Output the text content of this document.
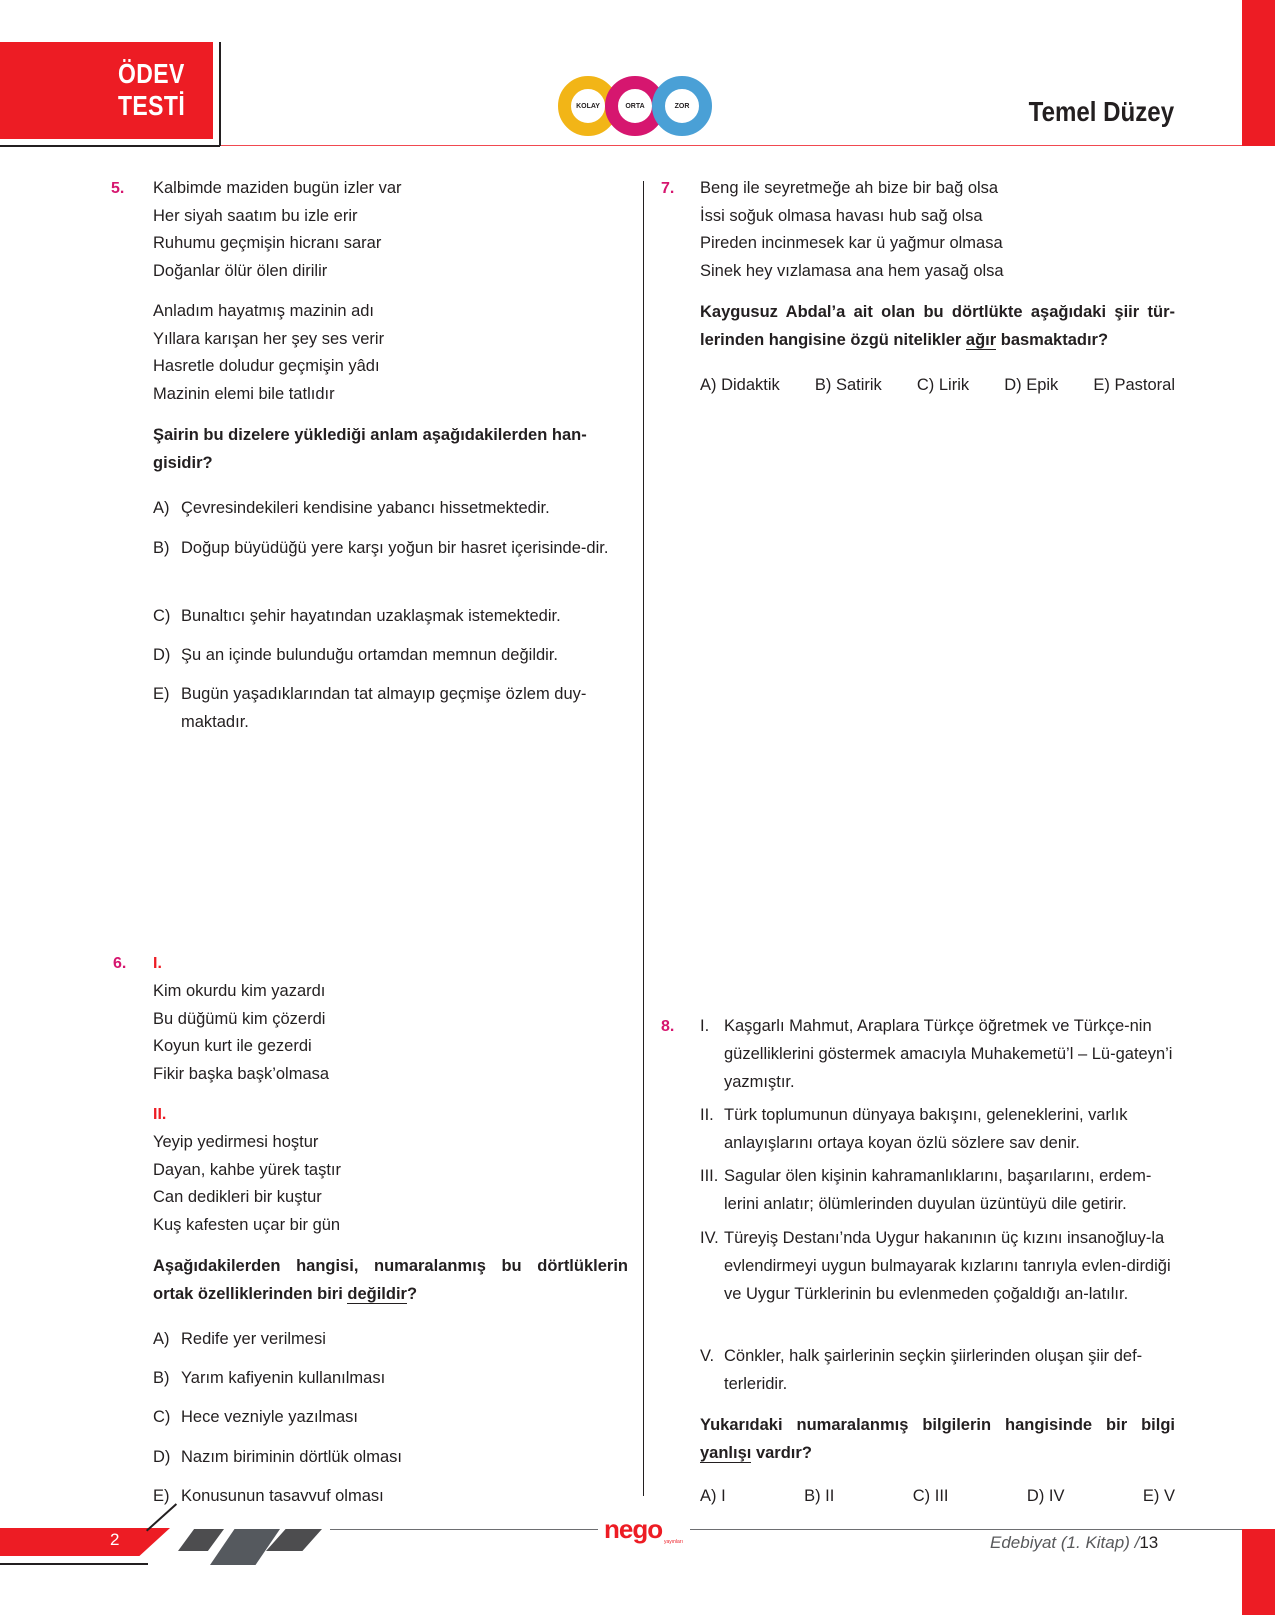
ÖDEV
TESTİ	KOLAY	ORTA	ZOR	Temel Düzey
5. Kalbimde maziden bugün izler var
Her siyah saatım bu izle erir
Ruhumu geçmişin hicranı sarar
Doğanlar ölür ölen dirilir
Anladım hayatmış mazinin adı
Yıllara karışan her şey ses verir
Hasretle doludur geçmişin yâdı
Mazinin elemi bile tatlıdır
Şairin bu dizelere yüklediği anlam aşağıdakilerden han-
gisidir?
A) Çevresindekileri kendisine yabancı hissetmektedir.
B) Doğup büyüdüğü yere karşı yoğun bir hasret içerisinde-dir.
C) Bunaltıcı şehir hayatından uzaklaşmak istemektedir.
D) Şu an içinde bulunduğu ortamdan memnun değildir.
E) Bugün yaşadıklarından tat almayıp geçmişe özlem duy-maktadır.
6. I.
Kim okurdu kim yazardı
Bu düğümü kim çözerdi
Koyun kurt ile gezerdi
Fikir başka başk’olmasa
II.
Yeyip yedirmesi hoştur
Dayan, kahbe yürek taştır
Can dedikleri bir kuştur
Kuş kafesten uçar bir gün
Aşağıdakilerden hangisi, numaralanmış bu dörtlüklerin
ortak özelliklerinden biri değildir?
A) Redife yer verilmesi
B) Yarım kafiyenin kullanılması
C) Hece vezniyle yazılması
D) Nazım biriminin dörtlük olması
E) Konusunun tasavvuf olması
7. Beng ile seyretmeğe ah bize bir bağ olsa
İssi soğuk olmasa havası hub sağ olsa
Pireden incinmesek kar ü yağmur olmasa
Sinek hey vızlamasa ana hem yasağ olsa
Kaygusuz Abdal’a ait olan bu dörtlükte aşağıdaki şiir tür-
lerinden hangisine özgü nitelikler ağır basmaktadır?
A) Didaktik B) Satirik C) Lirik D) Epik E) Pastoral
8. I. Kaşgarlı Mahmut, Araplara Türkçe öğretmek ve Türkçe-nin güzelliklerini göstermek amacıyla Muhakemetü’l – Lü-gateyn’i yazmıştır.
II. Türk toplumunun dünyaya bakışını, geleneklerini, varlık anlayışlarını ortaya koyan özlü sözlere sav denir.
III. Sagular ölen kişinin kahramanlıklarını, başarılarını, erdem-lerini anlatır; ölümlerinden duyulan üzüntüyü dile getirir.
IV. Türeyiş Destanı’nda Uygur hakanının üç kızını insanoğluy-la evlendirmeyi uygun bulmayarak kızlarını tanrıyla evlen-dirdiği ve Uygur Türklerinin bu evlenmeden çoğaldığı an-latılır.
V. Cönkler, halk şairlerinin seçkin şiirlerinden oluşan şiir def-terleridir.
Yukarıdaki numaralanmış bilgilerin hangisinde bir bilgi
yanlışı vardır?
A) I	B) II	C) III	D) IV	E) V
2	nego yayınları	Edebiyat (1. Kitap) /13
